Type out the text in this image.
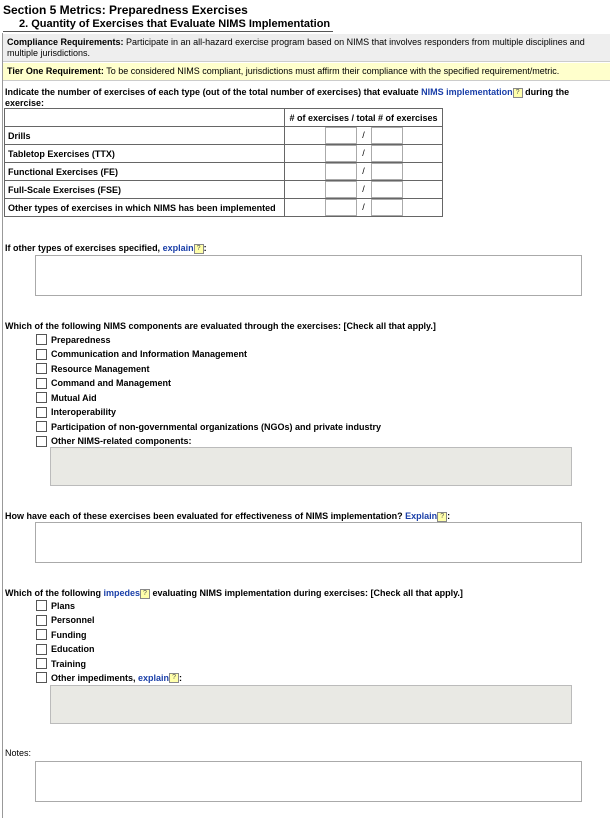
Section 5 Metrics: Preparedness Exercises
2. Quantity of Exercises that Evaluate NIMS Implementation
Compliance Requirements: Participate in an all-hazard exercise program based on NIMS that involves responders from multiple disciplines and multiple jurisdictions.
Tier One Requirement: To be considered NIMS compliant, jurisdictions must affirm their compliance with the specified requirement/metric.
Indicate the number of exercises of each type (out of the total number of exercises) that evaluate NIMS implementation ? during the exercise:
	# of exercises / total # of exercises
Drills	/
Tabletop Exercises (TTX)	/
Functional Exercises (FE)	/
Full-Scale Exercises (FSE)	/
Other types of exercises in which NIMS has been implemented	/
If other types of exercises specified, explain ? :
Which of the following NIMS components are evaluated through the exercises: [Check all that apply.]
Preparedness
Communication and Information Management
Resource Management
Command and Management
Mutual Aid
Interoperability
Participation of non-governmental organizations (NGOs) and private industry
Other NIMS-related components:
How have each of these exercises been evaluated for effectiveness of NIMS implementation? Explain ? :
Which of the following impedes ? evaluating NIMS implementation during exercises: [Check all that apply.]
Plans
Personnel
Funding
Education
Training
Other impediments,
explain ? :
Notes:
